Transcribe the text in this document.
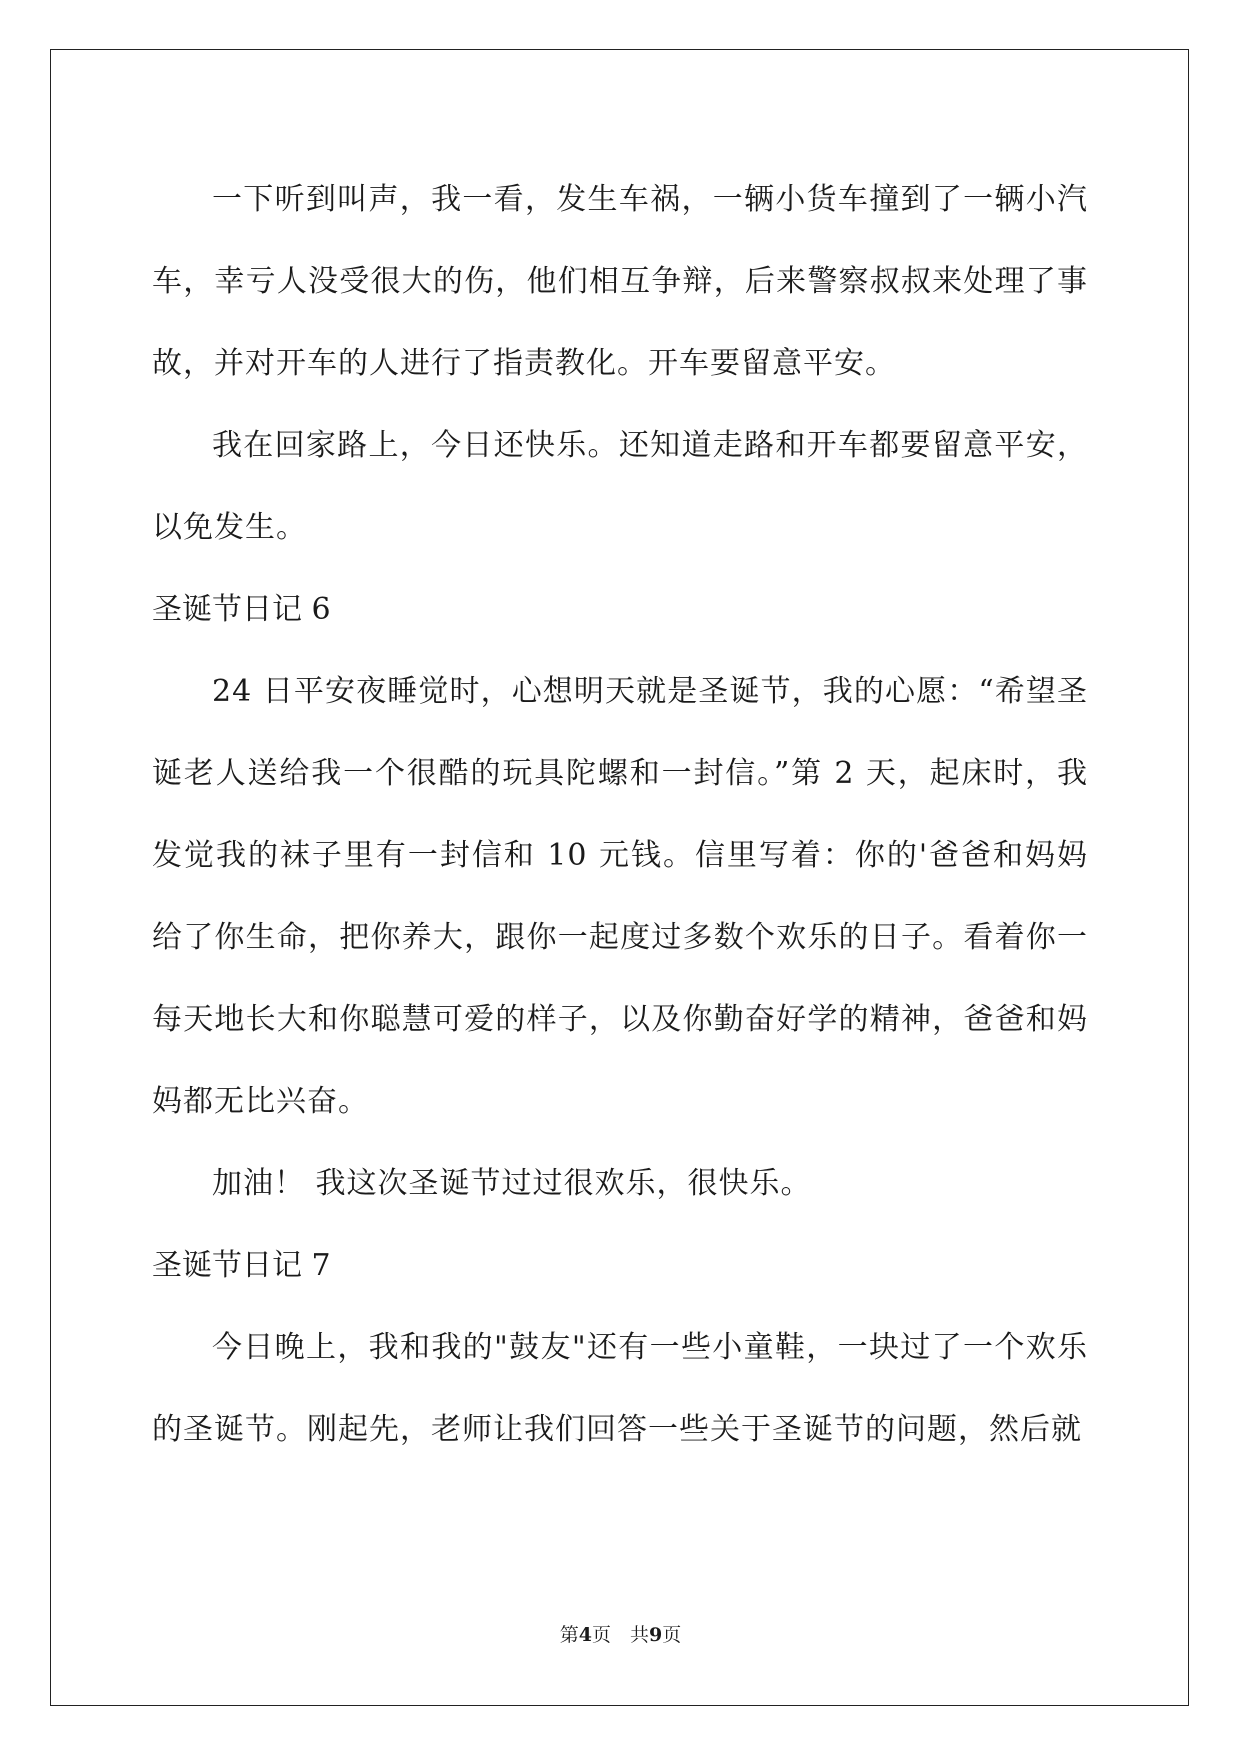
一下听到叫声，我一看，发生车祸，一辆小货车撞到了一辆小汽车，幸亏人没受很大的伤，他们相互争辩，后来警察叔叔来处理了事故，并对开车的人进行了指责教化。开车要留意平安。

我在回家路上，今日还快乐。还知道走路和开车都要留意平安，以免发生。

圣诞节日记 6

24 日平安夜睡觉时，心想明天就是圣诞节，我的心愿：“希望圣诞老人送给我一个很酷的玩具陀螺和一封信。”第 2 天，起床时，我发觉我的袜子里有一封信和 10 元钱。信里写着：你的'爸爸和妈妈给了你生命，把你养大，跟你一起度过多数个欢乐的日子。看着你一每天地长大和你聪慧可爱的样子，以及你勤奋好学的精神，爸爸和妈妈都无比兴奋。

加油！ 我这次圣诞节过过很欢乐，很快乐。

圣诞节日记 7

今日晚上，我和我的"鼓友"还有一些小童鞋，一块过了一个欢乐的圣诞节。刚起先，老师让我们回答一些关于圣诞节的问题，然后就

第4页　共9页
